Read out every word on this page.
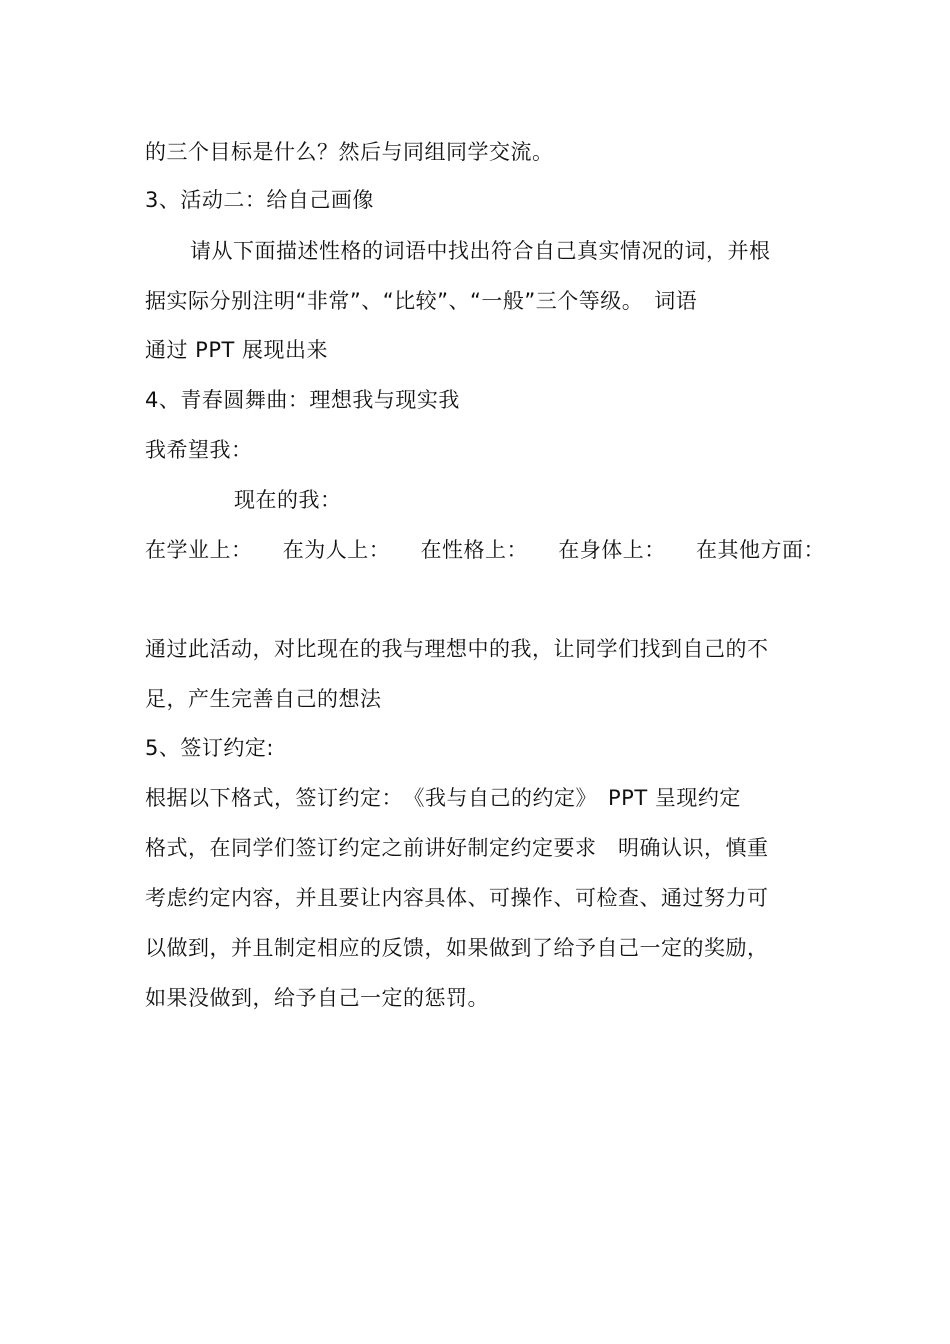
的三个目标是什么？然后与同组同学交流。
3、活动二：给自己画像
请从下面描述性格的词语中找出符合自己真实情况的词，并根
据实际分别注明“非常”、“比较”、“一般”三个等级。　词语
通过 PPT 展现出来
4、青春圆舞曲：理想我与现实我
我希望我：
现在的我：
在学业上： 在为人上： 在性格上： 在身体上： 在其他方面：
通过此活动，对比现在的我与理想中的我，让同学们找到自己的不
足，产生完善自己的想法
5、签订约定:
根据以下格式，签订约定：　《我与自己的约定》　PPT 呈现约定
格式，在同学们签订约定之前讲好制定约定要求　明确认识，慎重
考虑约定内容，并且要让内容具体、可操作、可检查、通过努力可
以做到，并且制定相应的反馈，如果做到了给予自己一定的奖励，
如果没做到，给予自己一定的惩罚。
